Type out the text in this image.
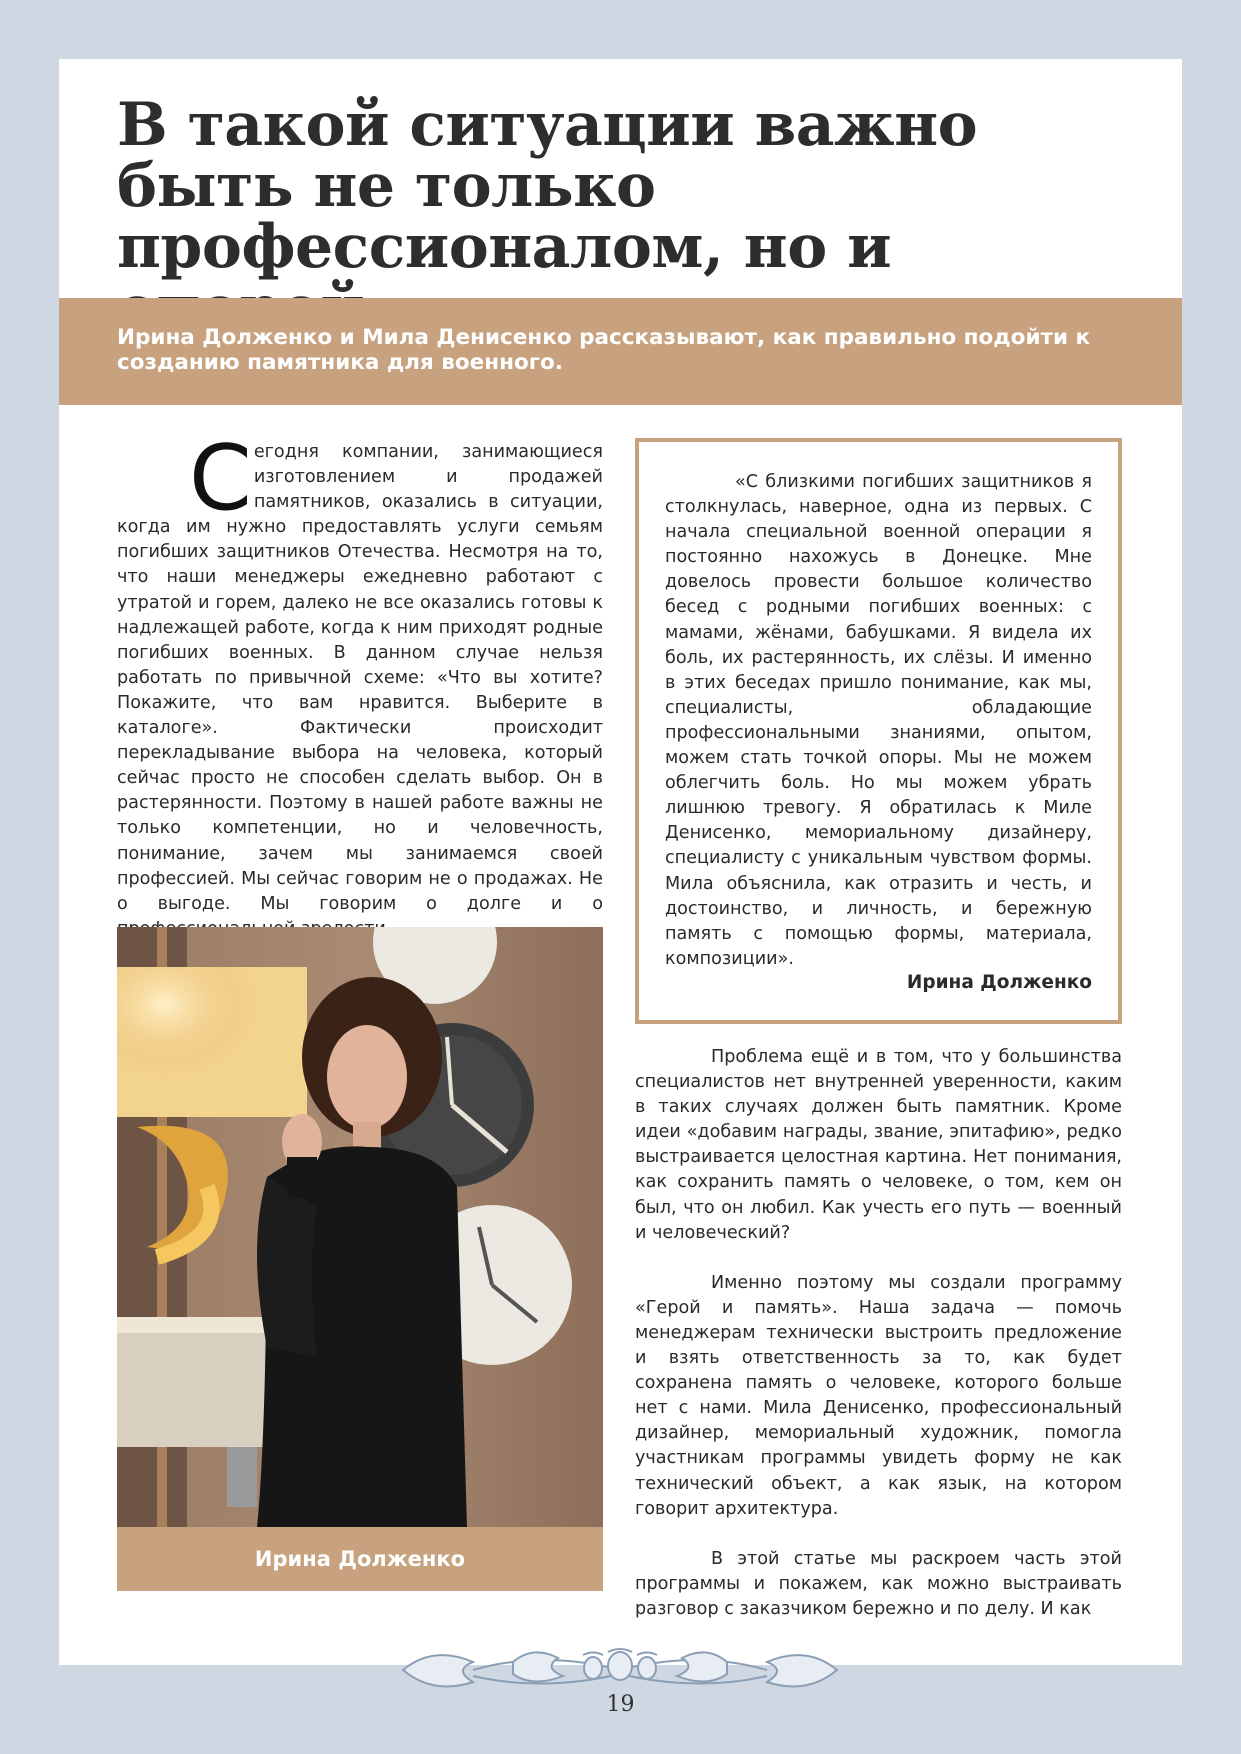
В такой ситуации важно быть не только профессионалом, но и

Ирина Долженко и Мила Денисенко рассказывают, как правильно подойти к созданию памятника для военного.

Сегодня компании, занимающиеся изготовлением и продажей памятников, оказались в ситуации, когда им нужно предоставлять услуги семьям погибших защитников Отечества. Несмотря на то, что наши менеджеры ежедневно работают с утратой и горем, далеко не все оказались готовы к надлежащей работе, когда к ним приходят родные погибших военных. В данном случае нельзя работать по привычной схеме: «Что вы хотите? Покажите, что вам нравится. Выберите в каталоге». Фактически происходит перекладывание выбора на человека, который сейчас просто не способен сделать выбор. Он в растерянности. Поэтому в нашей работе важны не только компетенции, но и человечность, понимание, зачем мы занимаемся своей профессией. Мы сейчас говорим не о продажах. Не о выгоде. Мы говорим о долге и о

Ирина Долженко

«С близкими погибших защитников я столкнулась, наверное, одна из первых. С начала специальной военной операции я постоянно нахожусь в Донецке. Мне довелось провести большое количество бесед с родными погибших военных: с мамами, жёнами, бабушками. Я видела их боль, их растерянность, их слёзы. И именно в этих беседах пришло понимание, как мы, специалисты, обладающие профессиональными знаниями, опытом, можем стать точкой опоры. Мы не можем облегчить боль. Но мы можем убрать лишнюю тревогу. Я обратилась к Миле Денисенко, мемориальному дизайнеру, специалисту с уникальным чувством формы. Мила объяснила, как отразить и честь, и достоинство, и личность, и бережную память с помощью формы, материала, композиции».

Ирина Долженко

Проблема ещё и в том, что у большинства специалистов нет внутренней уверенности, каким в таких случаях должен быть памятник. Кроме идеи «добавим награды, звание, эпитафию», редко выстраивается целостная картина. Нет понимания, как сохранить память о человеке, о том, кем он был, что он любил. Как учесть его путь — военный и человеческий?

Именно поэтому мы создали программу «Герой и память». Наша задача — помочь менеджерам технически выстроить предложение и взять ответственность за то, как будет сохранена память о человеке, которого больше нет с нами. Мила Денисенко, профессиональный дизайнер, мемориальный художник, помогла участникам программы увидеть форму не как технический объект, а как язык, на котором говорит архитектура.

В этой статье мы раскроем часть этой программы и покажем, как можно выстраивать разговор с заказчиком бережно и по делу. И как

19
